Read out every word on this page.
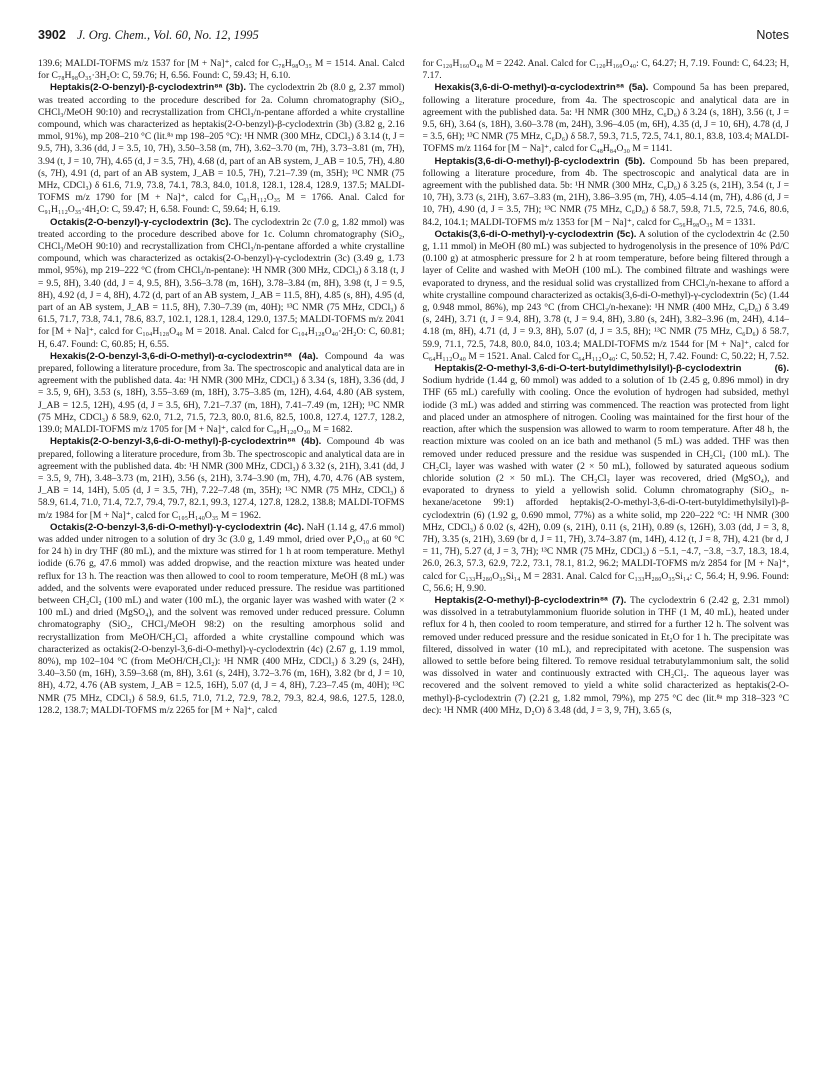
3902 J. Org. Chem., Vol. 60, No. 12, 1995	Notes

139.6; MALDI-TOFMS m/z 1537 for [M + Na]⁺, calcd for C₇₈H₉₈O₃₅ M = 1514. Anal. Calcd for C₇₈H₉₈O₃₅·3H₂O: C, 59.76; H, 6.56. Found: C, 59.43; H, 6.10.

Heptakis(2-O-benzyl)-β-cyclodextrin⁸ᵃ (3b). The cyclodextrin 2b (8.0 g, 2.37 mmol) was treated according to the procedure described for 2a. Column chromatography (SiO₂, CHCl₃/MeOH 90:10) and recrystallization from CHCl₃/n-pentane afforded a white crystalline compound, which was characterized as heptakis(2-O-benzyl)-β-cyclodextrin (3b) (3.82 g, 2.16 mmol, 91%), mp 208–210 °C (lit.⁸ᵃ mp 198–205 °C): ¹H NMR (300 MHz, CDCl₃) δ 3.14 (t, J = 9.5, 7H), 3.36 (dd, J = 3.5, 10, 7H), 3.50–3.58 (m, 7H), 3.62–3.70 (m, 7H), 3.73–3.81 (m, 7H), 3.94 (t, J = 10, 7H), 4.65 (d, J = 3.5, 7H), 4.68 (d, part of an AB system, J_AB = 10.5, 7H), 4.80 (s, 7H), 4.91 (d, part of an AB system, J_AB = 10.5, 7H), 7.21–7.39 (m, 35H); ¹³C NMR (75 MHz, CDCl₃) δ 61.6, 71.9, 73.8, 74.1, 78.3, 84.0, 101.8, 128.1, 128.4, 128.9, 137.5; MALDI-TOFMS m/z 1790 for [M + Na]⁺, calcd for C₉₁H₁₁₂O₃₅ M = 1766. Anal. Calcd for C₉₁H₁₁₂O₃₅·4H₂O: C, 59.47; H, 6.58. Found: C, 59.64; H, 6.19.

Octakis(2-O-benzyl)-γ-cyclodextrin (3c). The cyclodextrin 2c (7.0 g, 1.82 mmol) was treated according to the procedure described above for 1c. Column chromatography (SiO₂, CHCl₃/MeOH 90:10) and recrystallization from CHCl₃/n-pentane afforded a white crystalline compound, which was characterized as octakis(2-O-benzyl)-γ-cyclodextrin (3c) (3.49 g, 1.73 mmol, 95%), mp 219–222 °C (from CHCl₃/n-pentane): ¹H NMR (300 MHz, CDCl₃) δ 3.18 (t, J = 9.5, 8H), 3.40 (dd, J = 4, 9.5, 8H), 3.56–3.78 (m, 16H), 3.78–3.84 (m, 8H), 3.98 (t, J = 9.5, 8H), 4.92 (d, J = 4, 8H), 4.72 (d, part of an AB system, J_AB = 11.5, 8H), 4.85 (s, 8H), 4.95 (d, part of an AB system, J_AB = 11.5, 8H), 7.30–7.39 (m, 40H); ¹³C NMR (75 MHz, CDCl₃) δ 61.5, 71.7, 73.8, 74.1, 78.6, 83.7, 102.1, 128.1, 128.4, 129.0, 137.5; MALDI-TOFMS m/z 2041 for [M + Na]⁺, calcd for C₁₀₄H₁₂₈O₄₀ M = 2018. Anal. Calcd for C₁₀₄H₁₂₈O₄₀·2H₂O: C, 60.81; H, 6.47. Found: C, 60.85; H, 6.55.

Hexakis(2-O-benzyl-3,6-di-O-methyl)-α-cyclodextrin⁸ᵃ (4a). Compound 4a was prepared, following a literature procedure, from 3a. The spectroscopic and analytical data are in agreement with the published data. 4a: ¹H NMR (300 MHz, CDCl₃) δ 3.34 (s, 18H), 3.36 (dd, J = 3.5, 9, 6H), 3.53 (s, 18H), 3.55–3.69 (m, 18H), 3.75–3.85 (m, 12H), 4.64, 4.80 (AB system, J_AB = 12.5, 12H), 4.95 (d, J = 3.5, 6H), 7.21–7.37 (m, 18H), 7.41–7.49 (m, 12H); ¹³C NMR (75 MHz, CDCl₃) δ 58.9, 62.0, 71.2, 71.5, 72.3, 80.0, 81.6, 82.5, 100.8, 127.4, 127.7, 128.2, 139.0; MALDI-TOFMS m/z 1705 for [M + Na]⁺, calcd for C₉₀H₁₂₀O₃₀ M = 1682.

Heptakis(2-O-benzyl-3,6-di-O-methyl)-β-cyclodextrin⁸ᵃ (4b). Compound 4b was prepared, following a literature procedure, from 3b. The spectroscopic and analytical data are in agreement with the published data. 4b: ¹H NMR (300 MHz, CDCl₃) δ 3.32 (s, 21H), 3.41 (dd, J = 3.5, 9, 7H), 3.48–3.73 (m, 21H), 3.56 (s, 21H), 3.74–3.90 (m, 7H), 4.70, 4.76 (AB system, J_AB = 14, 14H), 5.05 (d, J = 3.5, 7H), 7.22–7.48 (m, 35H); ¹³C NMR (75 MHz, CDCl₃) δ 58.9, 61.4, 71.0, 71.4, 72.7, 79.4, 79.7, 82.1, 99.3, 127.4, 127.8, 128.2, 138.8; MALDI-TOFMS m/z 1984 for [M + Na]⁺, calcd for C₁₀₅H₁₄₀O₃₅ M = 1962.

Octakis(2-O-benzyl-3,6-di-O-methyl)-γ-cyclodextrin (4c). NaH (1.14 g, 47.6 mmol) was added under nitrogen to a solution of dry 3c (3.0 g, 1.49 mmol, dried over P₄O₁₀ at 60 °C for 24 h) in dry THF (80 mL), and the mixture was stirred for 1 h at room temperature. Methyl iodide (6.76 g, 47.6 mmol) was added dropwise, and the reaction mixture was heated under reflux for 13 h. The reaction was then allowed to cool to room temperature, MeOH (8 mL) was added, and the solvents were evaporated under reduced pressure. The residue was partitioned between CH₂Cl₂ (100 mL) and water (100 mL), the organic layer was washed with water (2 × 100 mL) and dried (MgSO₄), and the solvent was removed under reduced pressure. Column chromatography (SiO₂, CHCl₃/MeOH 98:2) on the resulting amorphous solid and recrystallization from MeOH/CH₂Cl₂ afforded a white crystalline compound which was characterized as octakis(2-O-benzyl-3,6-di-O-methyl)-γ-cyclodextrin (4c) (2.67 g, 1.19 mmol, 80%), mp 102–104 °C (from MeOH/CH₂Cl₂): ¹H NMR (400 MHz, CDCl₃) δ 3.29 (s, 24H), 3.40–3.50 (m, 16H), 3.59–3.68 (m, 8H), 3.61 (s, 24H), 3.72–3.76 (m, 16H), 3.82 (br d, J = 10, 8H), 4.72, 4.76 (AB system, J_AB = 12.5, 16H), 5.07 (d, J = 4, 8H), 7.23–7.45 (m, 40H); ¹³C NMR (75 MHz, CDCl₃) δ 58.9, 61.5, 71.0, 71.2, 72.9, 78.2, 79.3, 82.4, 98.6, 127.5, 128.0, 128.2, 138.7; MALDI-TOFMS m/z 2265 for [M + Na]⁺, calcd

for C₁₂₀H₁₆₀O₄₀ M = 2242. Anal. Calcd for C₁₂₀H₁₆₀O₄₀: C, 64.27; H, 7.19. Found: C, 64.23; H, 7.17.

Hexakis(3,6-di-O-methyl)-α-cyclodextrin⁸ᵃ (5a). Compound 5a has been prepared, following a literature procedure, from 4a. The spectroscopic and analytical data are in agreement with the published data. 5a: ¹H NMR (300 MHz, C₆D₆) δ 3.24 (s, 18H), 3.56 (t, J = 9.5, 6H), 3.64 (s, 18H), 3.60–3.78 (m, 24H), 3.96–4.05 (m, 6H), 4.35 (d, J = 10, 6H), 4.78 (d, J = 3.5, 6H); ¹³C NMR (75 MHz, C₆D₆) δ 58.7, 59.3, 71.5, 72.5, 74.1, 80.1, 83.8, 103.4; MALDI-TOFMS m/z 1164 for [M − Na]⁺, calcd for C₄₈H₈₄O₃₀ M = 1141.

Heptakis(3,6-di-O-methyl)-β-cyclodextrin (5b). Compound 5b has been prepared, following a literature procedure, from 4b. The spectroscopic and analytical data are in agreement with the published data. 5b: ¹H NMR (300 MHz, C₆D₆) δ 3.25 (s, 21H), 3.54 (t, J = 10, 7H), 3.73 (s, 21H), 3.67–3.83 (m, 21H), 3.86–3.95 (m, 7H), 4.05–4.14 (m, 7H), 4.86 (d, J = 10, 7H), 4.90 (d, J = 3.5, 7H); ¹³C NMR (75 MHz, C₆D₆) δ 58.7, 59.8, 71.5, 72.5, 74.6, 80.6, 84.2, 104.1; MALDI-TOFMS m/z 1353 for [M − Na]⁺, calcd for C₅₆H₉₈O₃₅ M = 1331.

Octakis(3,6-di-O-methyl)-γ-cyclodextrin (5c). A solution of the cyclodextrin 4c (2.50 g, 1.11 mmol) in MeOH (80 mL) was subjected to hydrogenolysis in the presence of 10% Pd/C (0.100 g) at atmospheric pressure for 2 h at room temperature, before being filtered through a layer of Celite and washed with MeOH (100 mL). The combined filtrate and washings were evaporated to dryness, and the residual solid was crystallized from CHCl₃/n-hexane to afford a white crystalline compound characterized as octakis(3,6-di-O-methyl)-γ-cyclodextrin (5c) (1.44 g, 0.948 mmol, 86%), mp 243 °C (from CHCl₃/n-hexane): ¹H NMR (400 MHz, C₆D₆) δ 3.49 (s, 24H), 3.71 (t, J = 9.4, 8H), 3.78 (t, J = 9.4, 8H), 3.80 (s, 24H), 3.82–3.96 (m, 24H), 4.14–4.18 (m, 8H), 4.71 (d, J = 9.3, 8H), 5.07 (d, J = 3.5, 8H); ¹³C NMR (75 MHz, C₆D₆) δ 58.7, 59.9, 71.1, 72.5, 74.8, 80.0, 84.0, 103.4; MALDI-TOFMS m/z 1544 for [M + Na]⁺, calcd for C₆₄H₁₁₂O₄₀ M = 1521. Anal. Calcd for C₆₄H₁₁₂O₄₀: C, 50.52; H, 7.42. Found: C, 50.22; H, 7.52.

Heptakis(2-O-methyl-3,6-di-O-tert-butyldimethylsilyl)-β-cyclodextrin (6). Sodium hydride (1.44 g, 60 mmol) was added to a solution of 1b (2.45 g, 0.896 mmol) in dry THF (65 mL) carefully with cooling. Once the evolution of hydrogen had subsided, methyl iodide (3 mL) was added and stirring was commenced. The reaction was protected from light and placed under an atmosphere of nitrogen. Cooling was maintained for the first hour of the reaction, after which the suspension was allowed to warm to room temperature. After 48 h, the reaction mixture was cooled on an ice bath and methanol (5 mL) was added. THF was then removed under reduced pressure and the residue was suspended in CH₂Cl₂ (100 mL). The CH₂Cl₂ layer was washed with water (2 × 50 mL), followed by saturated aqueous sodium chloride solution (2 × 50 mL). The CH₂Cl₂ layer was recovered, dried (MgSO₄), and evaporated to dryness to yield a yellowish solid. Column chromatography (SiO₂, n-hexane/acetone 99:1) afforded heptakis(2-O-methyl-3,6-di-O-tert-butyldimethylsilyl)-β-cyclodextrin (6) (1.92 g, 0.690 mmol, 77%) as a white solid, mp 220–222 °C: ¹H NMR (300 MHz, CDCl₃) δ 0.02 (s, 42H), 0.09 (s, 21H), 0.11 (s, 21H), 0.89 (s, 126H), 3.03 (dd, J = 3, 8, 7H), 3.35 (s, 21H), 3.69 (br d, J = 11, 7H), 3.74–3.87 (m, 14H), 4.12 (t, J = 8, 7H), 4.21 (br d, J = 11, 7H), 5.27 (d, J = 3, 7H); ¹³C NMR (75 MHz, CDCl₃) δ −5.1, −4.7, −3.8, −3.7, 18.3, 18.4, 26.0, 26.3, 57.3, 62.9, 72.2, 73.1, 78.1, 81.2, 96.2; MALDI-TOFMS m/z 2854 for [M + Na]⁺, calcd for C₁₃₃H₂₈₀O₃₅Si₁₄ M = 2831. Anal. Calcd for C₁₃₃H₂₈₀O₃₅Si₁₄: C, 56.4; H, 9.96. Found: C, 56.6; H, 9.90.

Heptakis(2-O-methyl)-β-cyclodextrin⁸ᵃ (7). The cyclodextrin 6 (2.42 g, 2.31 mmol) was dissolved in a tetrabutylammonium fluoride solution in THF (1 M, 40 mL), heated under reflux for 4 h, then cooled to room temperature, and stirred for a further 12 h. The solvent was removed under reduced pressure and the residue sonicated in Et₂O for 1 h. The precipitate was filtered, dissolved in water (10 mL), and reprecipitated with acetone. The suspension was allowed to settle before being filtered. To remove residual tetrabutylammonium salt, the solid was dissolved in water and continuously extracted with CH₂Cl₂. The aqueous layer was recovered and the solvent removed to yield a white solid characterized as heptakis(2-O-methyl)-β-cyclodextrin (7) (2.21 g, 1.82 mmol, 79%), mp 275 °C dec (lit.⁸ᵃ mp 318–323 °C dec): ¹H NMR (400 MHz, D₂O) δ 3.48 (dd, J = 3, 9, 7H), 3.65 (s,
